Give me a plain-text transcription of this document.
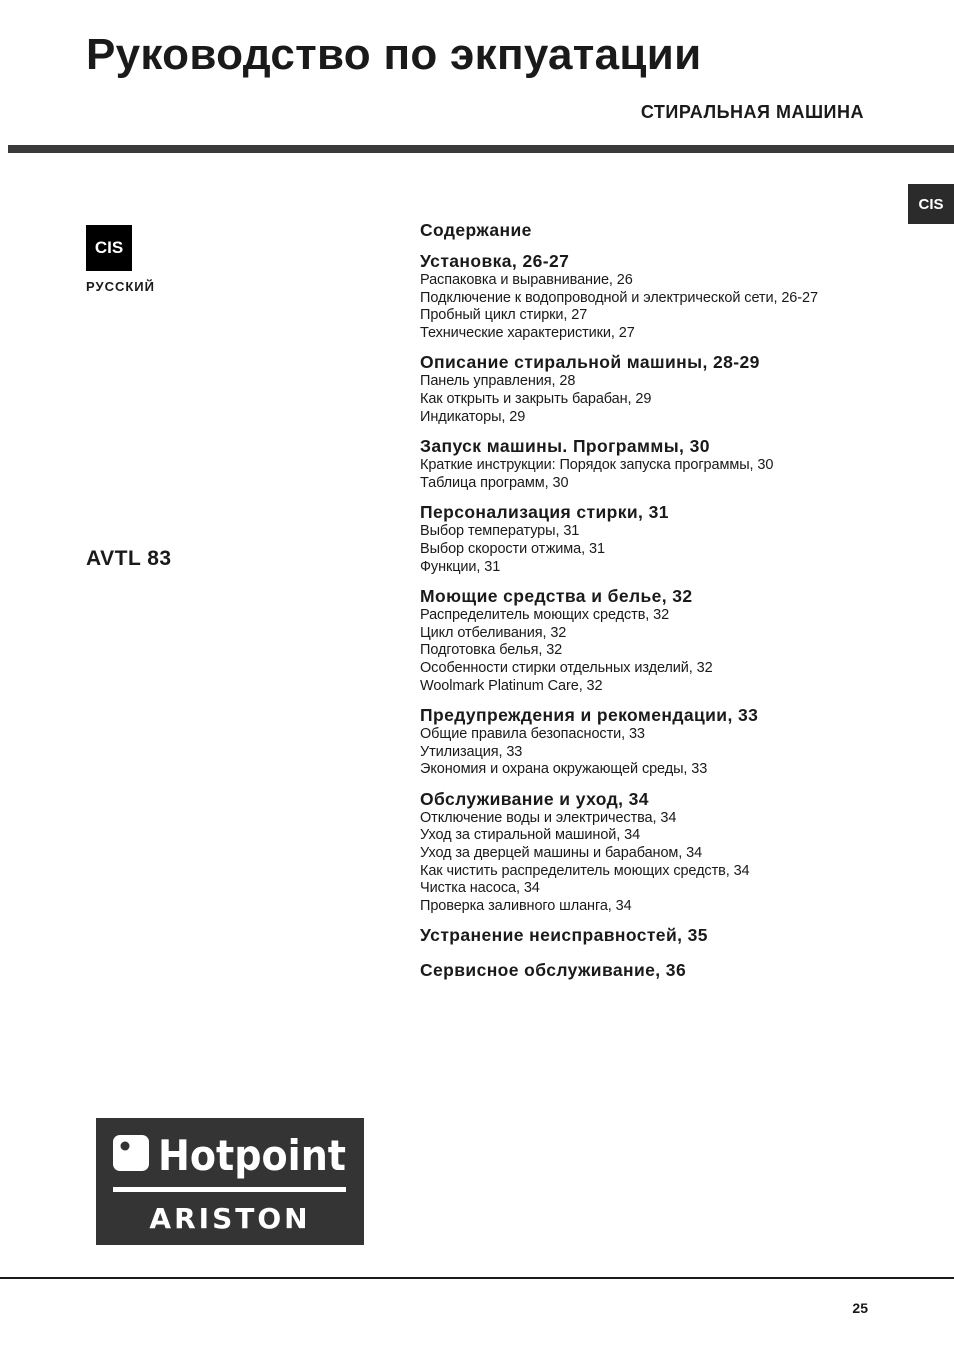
Руководство по экпуатации
СТИРАЛЬНАЯ МАШИНА
CIS
CIS
РУССКИЙ
AVTL 83
Содержание
Установка, 26-27
Распаковка и выравнивание, 26
Подключение к водопроводной и электрической сети, 26-27
Пробный цикл стирки, 27
Технические характеристики, 27
Описание стиральной машины, 28-29
Панель управления, 28
Как открыть и закрыть барабан, 29
Индикаторы, 29
Запуск машины. Программы, 30
Краткие инструкции: Порядок запуска программы, 30
Таблица программ, 30
Персонализация стирки, 31
Выбор температуры, 31
Выбор скорости отжима, 31
Функции, 31
Моющие средства и белье, 32
Распределитель моющих средств, 32
Цикл отбеливания, 32
Подготовка белья, 32
Особенности стирки отдельных изделий, 32
Woolmark Platinum Care, 32
Предупреждения и рекомендации, 33
Общие правила безопасности, 33
Утилизация, 33
Экономия и охрана окружающей среды, 33
Обслуживание и уход, 34
Отключение воды и электричества, 34
Уход за стиральной машиной, 34
Уход за дверцей машины и барабаном, 34
Как чистить распределитель моющих средств, 34
Чистка насоса, 34
Проверка заливного шланга, 34
Устранение неисправностей, 35
Сервисное обслуживание, 36
Hotpoint
ARISTON
25
